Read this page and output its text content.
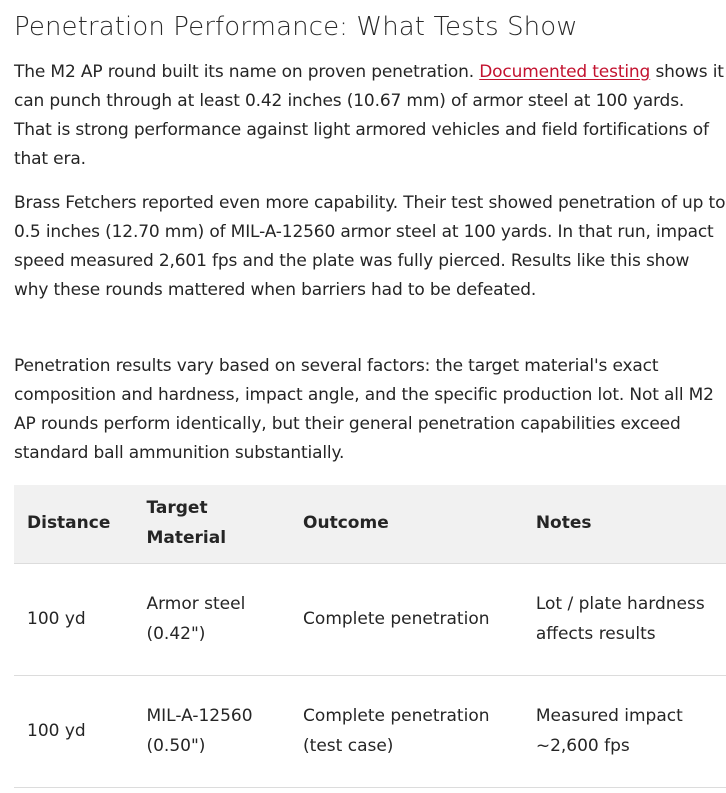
Penetration Performance: What Tests Show

The M2 AP round built its name on proven penetration. Documented testing shows it can punch through at least 0.42 inches (10.67 mm) of armor steel at 100 yards. That is strong performance against light armored vehicles and field fortifications of that era.

Brass Fetchers reported even more capability. Their test showed penetration of up to 0.5 inches (12.70 mm) of MIL-A-12560 armor steel at 100 yards. In that run, impact speed measured 2,601 fps and the plate was fully pierced. Results like this show why these rounds mattered when barriers had to be defeated.

Penetration results vary based on several factors: the target material's exact composition and hardness, impact angle, and the specific production lot. Not all M2 AP rounds perform identically, but their general penetration capabilities exceed standard ball ammunition substantially.

Distance	Target Material	Outcome	Notes
100 yd	Armor steel (0.42")	Complete penetration	Lot / plate hardness affects results
100 yd	MIL-A-12560 (0.50")	Complete penetration (test case)	Measured impact ~2,600 fps
